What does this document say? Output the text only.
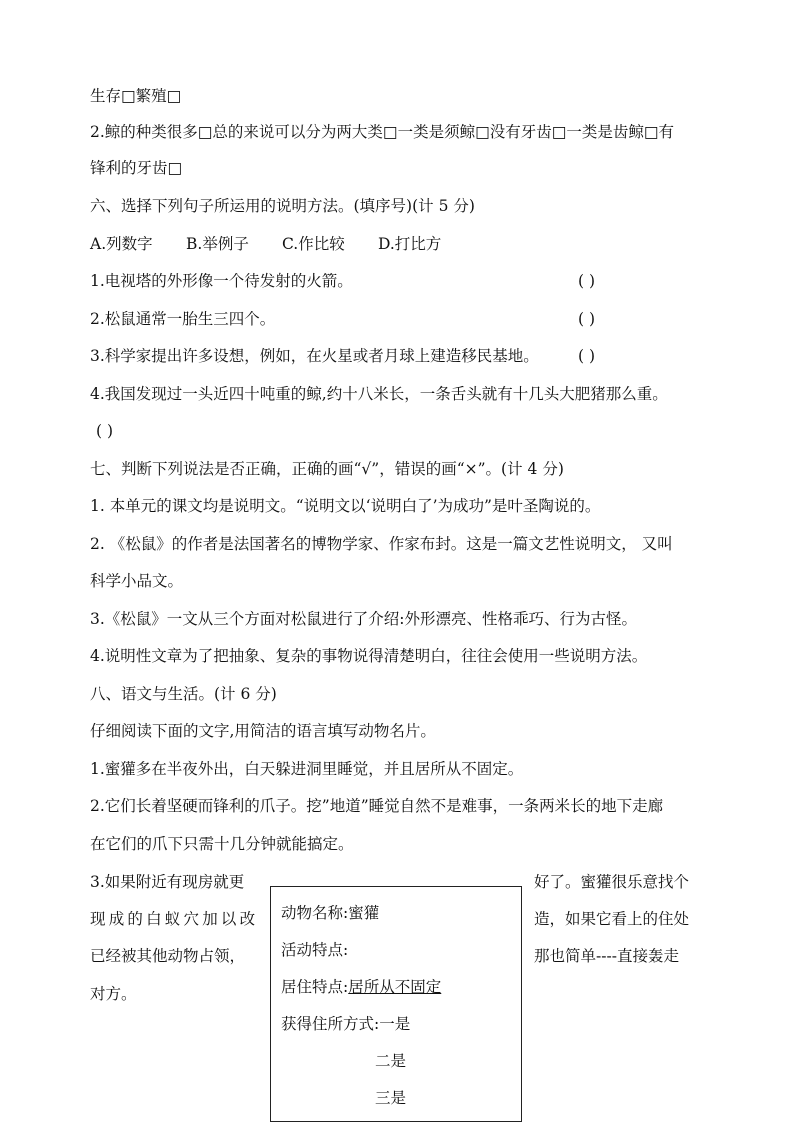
生存□繁殖□
2.鲸的种类很多□总的来说可以分为两大类□一类是须鲸□没有牙齿□一类是齿鲸□有
锋利的牙齿□
六、选择下列句子所运用的说明方法。(填序号)(计 5 分)
A.列数字 B.举例子 C.作比较 D.打比方
1.电视塔的外形像一个待发射的火箭。	( )
2.松鼠通常一胎生三四个。	( )
3.科学家提出许多设想，例如，在火星或者月球上建造移民基地。	( )
4.我国发现过一头近四十吨重的鲸,约十八米长，一条舌头就有十几头大肥猪那么重。
( )
七、判断下列说法是否正确，正确的画“√”，错误的画“×”。(计 4 分)
1. 本单元的课文均是说明文。“说明文以‘说明白了’为成功”是叶圣陶说的。
2. 《松鼠》的作者是法国著名的博物学家、作家布封。这是一篇文艺性说明文， 又叫
科学小品文。
3.《松鼠》一文从三个方面对松鼠进行了介绍:外形漂亮、性格乖巧、行为古怪。
4.说明性文章为了把抽象、复杂的事物说得清楚明白，往往会使用一些说明方法。
八、语文与生活。(计 6 分)
仔细阅读下面的文字,用简洁的语言填写动物名片。
1.蜜獾多在半夜外出，白天躲进洞里睡觉，并且居所从不固定。
2.它们长着坚硬而锋利的爪子。挖”地道”睡觉自然不是难事，一条两米长的地下走廊
在它们的爪下只需十几分钟就能搞定。
3.如果附近有现房就更	好了。蜜獾很乐意找个
现成的白蚁穴加以改	造，如果它看上的住处
已经被其他动物占领，	那也简单----直接轰走
对方。
动物名称:蜜獾
活动特点:
居住特点:居所从不固定
获得住所方式:一是
二是
三是
